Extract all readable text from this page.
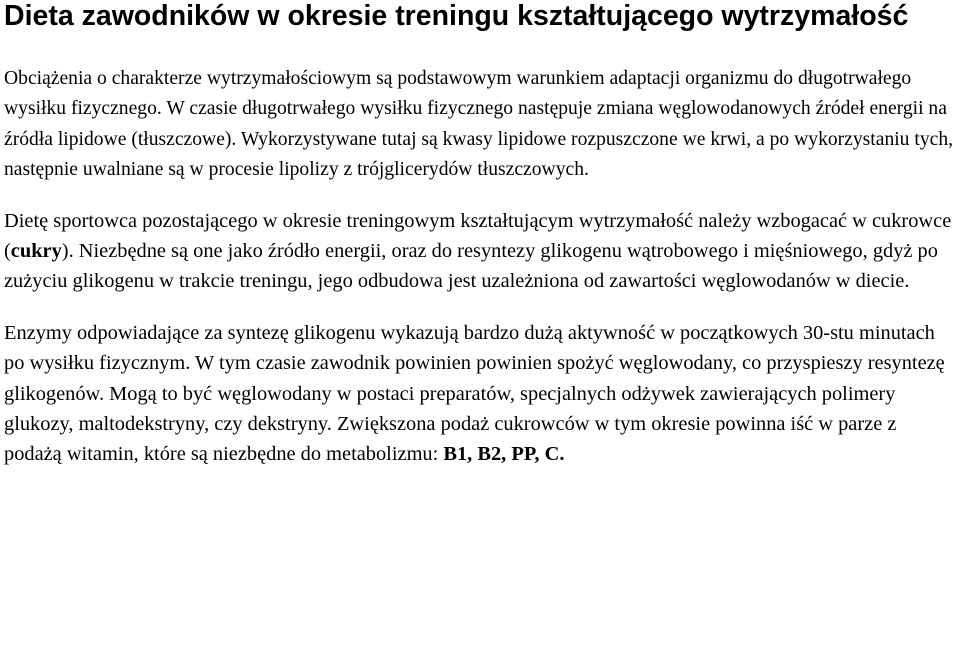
Dieta zawodników w okresie treningu kształtującego wytrzymałość

Obciążenia o charakterze wytrzymałościowym są podstawowym warunkiem adaptacji organizmu do długotrwałego wysiłku fizycznego. W czasie długotrwałego wysiłku fizycznego następuje zmiana węglowodanowych źródeł energii na źródła lipidowe (tłuszczowe). Wykorzystywane tutaj są kwasy lipidowe rozpuszczone we krwi, a po wykorzystaniu tych, następnie uwalniane są w procesie lipolizy z trójglicerydów tłuszczowych.

Dietę sportowca pozostającego w okresie treningowym kształtującym wytrzymałość należy wzbogacać w cukrowce (cukry). Niezbędne są one jako źródło energii, oraz do resyntezy glikogenu wątrobowego i mięśniowego, gdyż po zużyciu glikogenu w trakcie treningu, jego odbudowa jest uzależniona od zawartości węglowodanów w diecie.

Enzymy odpowiadające za syntezę glikogenu wykazują bardzo dużą aktywność w początkowych 30-stu minutach po wysiłku fizycznym. W tym czasie zawodnik powinien powinien spożyć węglowodany, co przyspieszy resyntezę glikogenów. Mogą to być węglowodany w postaci preparatów, specjalnych odżywek zawierających polimery glukozy, maltodekstryny, czy dekstryny. Zwiększona podaż cukrowców w tym okresie powinna iść w parze z podażą witamin, które są niezbędne do metabolizmu: B1, B2, PP, C.
